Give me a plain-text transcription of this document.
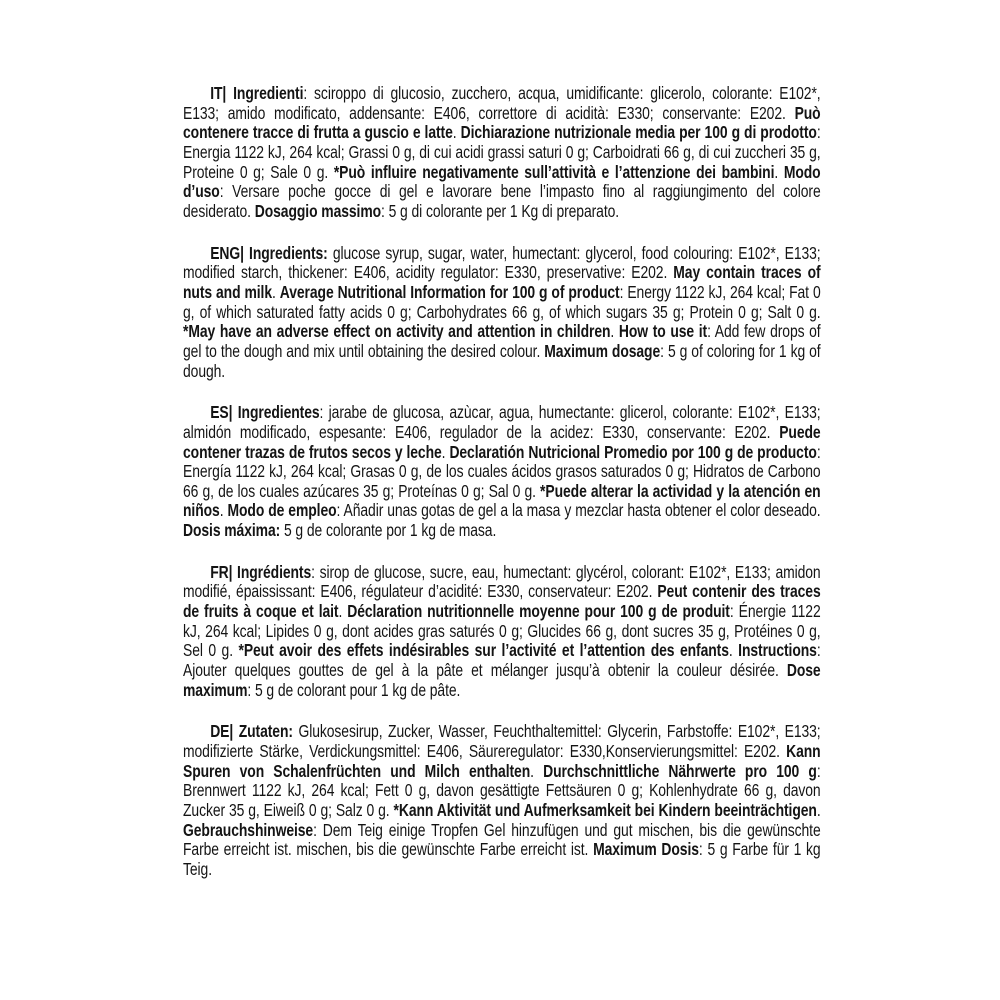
IT| Ingredienti: sciroppo di glucosio, zucchero, acqua, umidificante: glicerolo, colorante: E102*, E133; amido modificato, addensante: E406, correttore di acidità: E330; conservante: E202. Può contenere tracce di frutta a guscio e latte. Dichiarazione nutrizionale media per 100 g di prodotto: Energia 1122 kJ, 264 kcal; Grassi 0 g, di cui acidi grassi saturi 0 g; Carboidrati 66 g, di cui zuccheri 35 g, Proteine 0 g; Sale 0 g. *Può influire negativamente sull’attività e l’attenzione dei bambini. Modo d’uso: Versare poche gocce di gel e lavorare bene l’impasto fino al raggiungimento del colore desiderato. Dosaggio massimo: 5 g di colorante per 1 Kg di preparato.

ENG| Ingredients: glucose syrup, sugar, water, humectant: glycerol, food colouring: E102*, E133; modified starch, thickener: E406, acidity regulator: E330, preservative: E202. May contain traces of nuts and milk. Average Nutritional Information for 100 g of product: Energy 1122 kJ, 264 kcal; Fat 0 g, of which saturated fatty acids 0 g; Carbohydrates 66 g, of which sugars 35 g; Protein 0 g; Salt 0 g. *May have an adverse effect on activity and attention in children. How to use it: Add few drops of gel to the dough and mix until obtaining the desired colour. Maximum dosage: 5 g of coloring for 1 kg of dough.

ES| Ingredientes: jarabe de glucosa, azùcar, agua, humectante: glicerol, colorante: E102*, E133; almidón modificado, espesante: E406, regulador de la acidez: E330, conservante: E202. Puede contener trazas de frutos secos y leche. Declaratión Nutricional Promedio por 100 g de producto: Energía 1122 kJ, 264 kcal; Grasas 0 g, de los cuales ácidos grasos saturados 0 g; Hidratos de Carbono 66 g, de los cuales azúcares 35 g; Proteínas 0 g; Sal 0 g. *Puede alterar la actividad y la atención en niños. Modo de empleo: Añadir unas gotas de gel a la masa y mezclar hasta obtener el color deseado. Dosis máxima: 5 g de colorante por 1 kg de masa.

FR| Ingrédients: sirop de glucose, sucre, eau, humectant: glycérol, colorant: E102*, E133; amidon modifié, épaississant: E406, régulateur d’acidité: E330, conservateur: E202. Peut contenir des traces de fruits à coque et lait. Déclaration nutritionnelle moyenne pour 100 g de produit: Énergie 1122 kJ, 264 kcal; Lipides 0 g, dont acides gras saturés 0 g; Glucides 66 g, dont sucres 35 g, Protéines 0 g, Sel 0 g. *Peut avoir des effets indésirables sur l’activité et l’attention des enfants. Instructions: Ajouter quelques gouttes de gel à la pâte et mélanger jusqu’à obtenir la couleur désirée. Dose maximum: 5 g de colorant pour 1 kg de pâte.

DE| Zutaten: Glukosesirup, Zucker, Wasser, Feuchthaltemittel: Glycerin, Farbstoffe: E102*, E133; modifizierte Stärke, Verdickungsmittel: E406, Säureregulator: E330,Konservierungsmittel: E202. Kann Spuren von Schalenfrüchten und Milch enthalten. Durchschnittliche Nährwerte pro 100 g: Brennwert 1122 kJ, 264 kcal; Fett 0 g, davon gesättigte Fettsäuren 0 g; Kohlenhydrate 66 g, davon Zucker 35 g, Eiweiß 0 g; Salz 0 g. *Kann Aktivität und Aufmerksamkeit bei Kindern beeinträchtigen. Gebrauchshinweise: Dem Teig einige Tropfen Gel hinzufügen und gut mischen, bis die gewünschte Farbe erreicht ist. mischen, bis die gewünschte Farbe erreicht ist. Maximum Dosis: 5 g Farbe für 1 kg Teig.
